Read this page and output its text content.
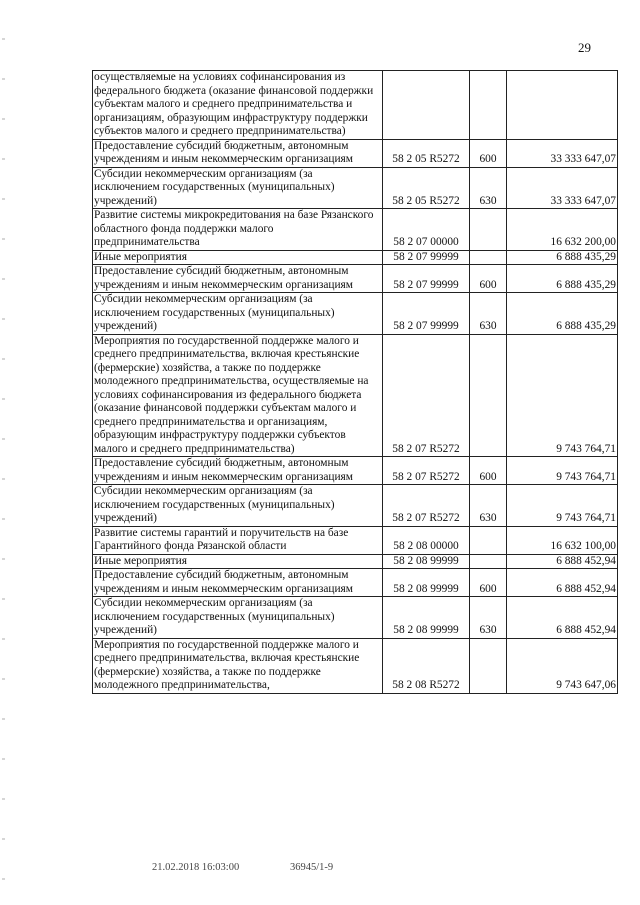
29
осуществляемые на условиях софинансирования из федерального бюджета (оказание финансовой поддержки субъектам малого и среднего предпринимательства и организациям, образующим инфраструктуру поддержки субъектов малого и среднего предпринимательства)			
Предоставление субсидий бюджетным, автономным учреждениям и иным некоммерческим организациям	58 2 05 R5272	600	33 333 647,07
Субсидии некоммерческим организациям (за исключением государственных (муниципальных) учреждений)	58 2 05 R5272	630	33 333 647,07
Развитие системы микрокредитования на базе Рязанского областного фонда поддержки малого предпринимательства	58 2 07 00000		16 632 200,00
Иные мероприятия	58 2 07 99999		6 888 435,29
Предоставление субсидий бюджетным, автономным учреждениям и иным некоммерческим организациям	58 2 07 99999	600	6 888 435,29
Субсидии некоммерческим организациям (за исключением государственных (муниципальных) учреждений)	58 2 07 99999	630	6 888 435,29
Мероприятия по государственной поддержке малого и среднего предпринимательства, включая крестьянские (фермерские) хозяйства, а также по поддержке молодежного предпринимательства, осуществляемые на условиях софинансирования из федерального бюджета (оказание финансовой поддержки субъектам малого и среднего предпринимательства и организациям, образующим инфраструктуру поддержки субъектов малого и среднего предпринимательства)	58 2 07 R5272		9 743 764,71
Предоставление субсидий бюджетным, автономным учреждениям и иным некоммерческим организациям	58 2 07 R5272	600	9 743 764,71
Субсидии некоммерческим организациям (за исключением государственных (муниципальных) учреждений)	58 2 07 R5272	630	9 743 764,71
Развитие системы гарантий и поручительств на базе Гарантийного фонда Рязанской области	58 2 08 00000		16 632 100,00
Иные мероприятия	58 2 08 99999		6 888 452,94
Предоставление субсидий бюджетным, автономным учреждениям и иным некоммерческим организациям	58 2 08 99999	600	6 888 452,94
Субсидии некоммерческим организациям (за исключением государственных (муниципальных) учреждений)	58 2 08 99999	630	6 888 452,94
Мероприятия по государственной поддержке малого и среднего предпринимательства, включая крестьянские (фермерские) хозяйства, а также по поддержке молодежного предпринимательства,	58 2 08 R5272		9 743 647,06
21.02.2018 16:03:00	36945/1-9
